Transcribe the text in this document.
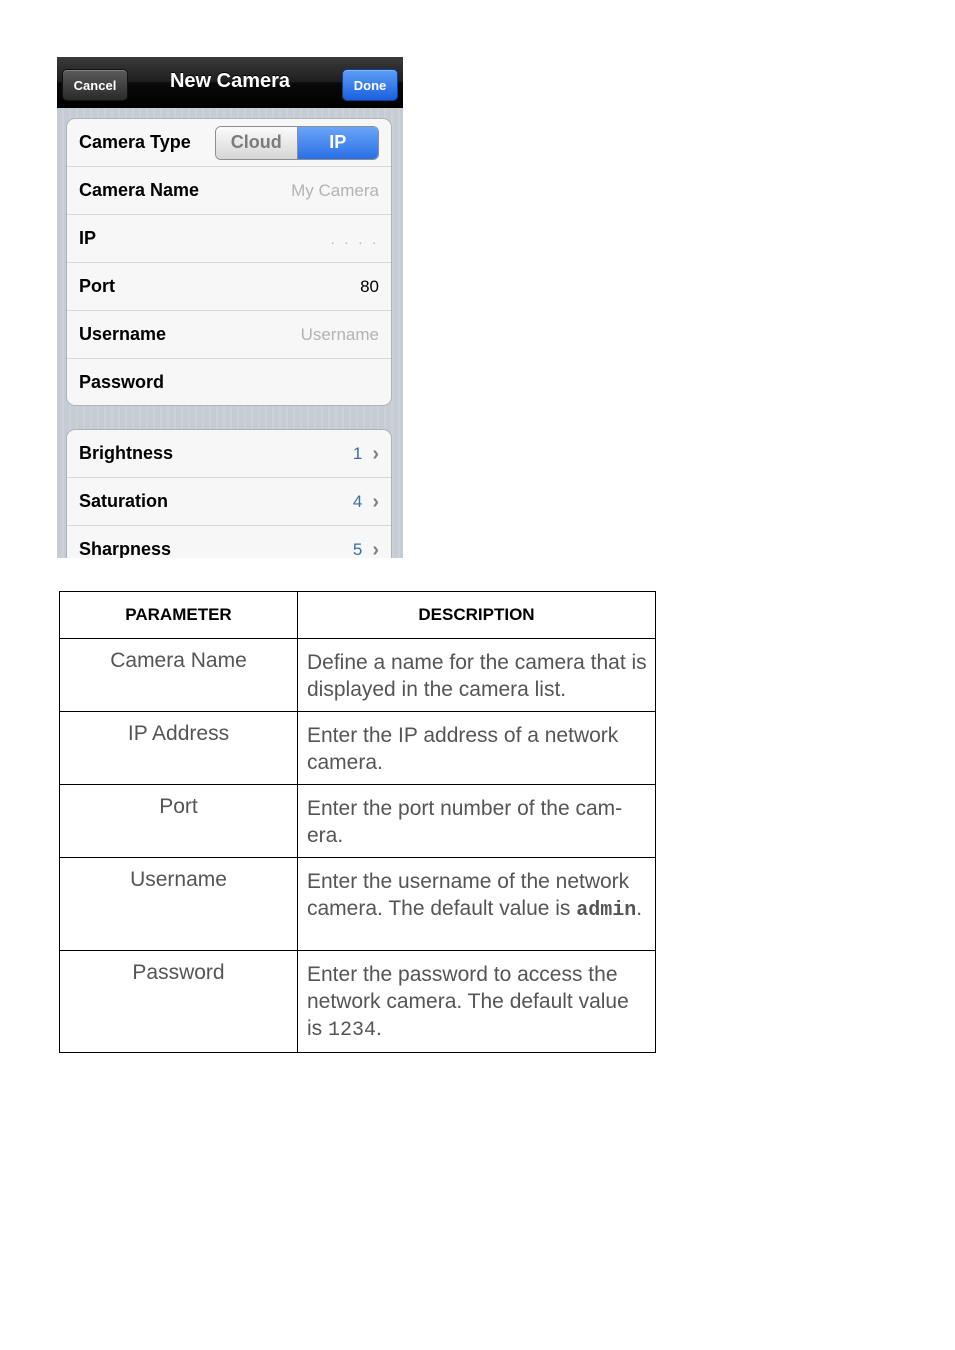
Cancel	New Camera	Done
Camera Type	Cloud	IP
Camera Name	My Camera
IP	. . . .
Port	80
Username	Username
Password
Brightness	1 ›
Saturation	4 ›
Sharpness	5 ›
PARAMETER	DESCRIPTION
Camera Name	Define a name for the camera that is displayed in the camera list.
IP Address	Enter the IP address of a network camera.
Port	Enter the port number of the cam-era.
Username	Enter the username of the network camera. The default value is admin.
Password	Enter the password to access the network camera. The default value is 1234.
